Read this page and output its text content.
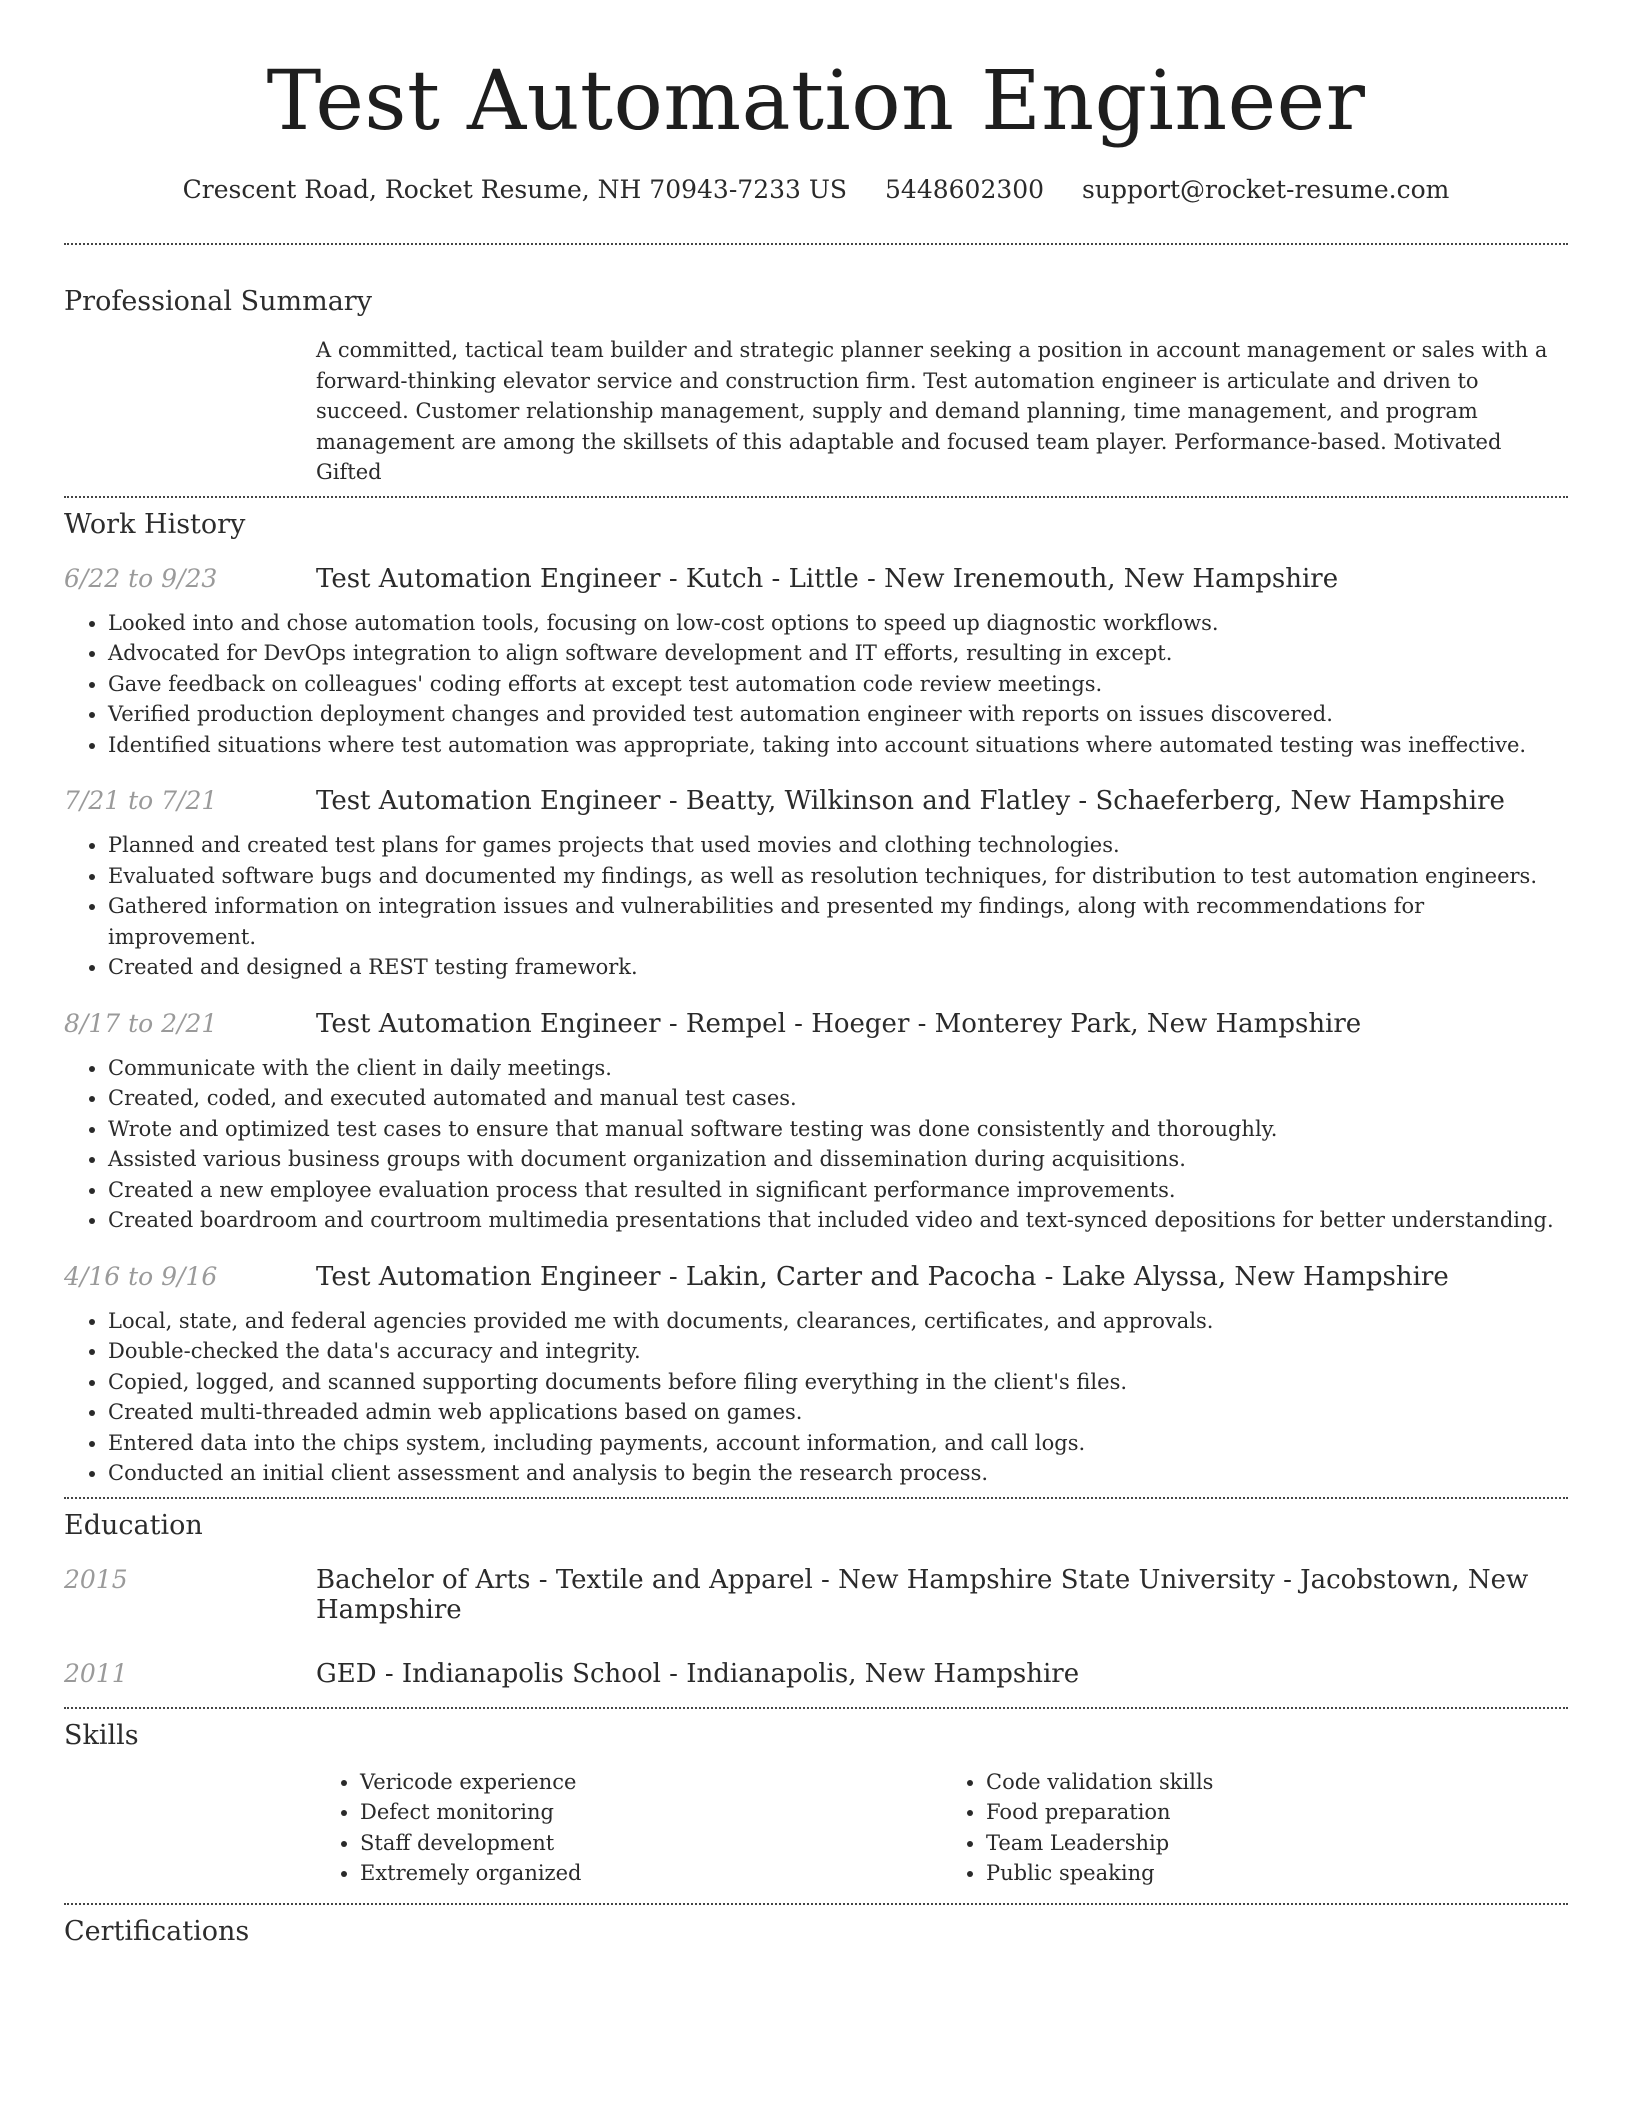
Test Automation Engineer
Crescent Road, Rocket Resume, NH 70943-7233 US 5448602300 support@rocket-resume.com
Professional Summary
A committed, tactical team builder and strategic planner seeking a position in account management or sales with a forward-thinking elevator service and construction firm. Test automation engineer is articulate and driven to succeed. Customer relationship management, supply and demand planning, time management, and program management are among the skillsets of this adaptable and focused team player. Performance-based. Motivated Gifted
Work History
6/22 to 9/23	Test Automation Engineer - Kutch - Little - New Irenemouth, New Hampshire
• Looked into and chose automation tools, focusing on low-cost options to speed up diagnostic workflows.
• Advocated for DevOps integration to align software development and IT efforts, resulting in except.
• Gave feedback on colleagues' coding efforts at except test automation code review meetings.
• Verified production deployment changes and provided test automation engineer with reports on issues discovered.
• Identified situations where test automation was appropriate, taking into account situations where automated testing was ineffective.
7/21 to 7/21	Test Automation Engineer - Beatty, Wilkinson and Flatley - Schaeferberg, New Hampshire
• Planned and created test plans for games projects that used movies and clothing technologies.
• Evaluated software bugs and documented my findings, as well as resolution techniques, for distribution to test automation engineers.
• Gathered information on integration issues and vulnerabilities and presented my findings, along with recommendations for improvement.
• Created and designed a REST testing framework.
8/17 to 2/21	Test Automation Engineer - Rempel - Hoeger - Monterey Park, New Hampshire
• Communicate with the client in daily meetings.
• Created, coded, and executed automated and manual test cases.
• Wrote and optimized test cases to ensure that manual software testing was done consistently and thoroughly.
• Assisted various business groups with document organization and dissemination during acquisitions.
• Created a new employee evaluation process that resulted in significant performance improvements.
• Created boardroom and courtroom multimedia presentations that included video and text-synced depositions for better understanding.
4/16 to 9/16	Test Automation Engineer - Lakin, Carter and Pacocha - Lake Alyssa, New Hampshire
• Local, state, and federal agencies provided me with documents, clearances, certificates, and approvals.
• Double-checked the data's accuracy and integrity.
• Copied, logged, and scanned supporting documents before filing everything in the client's files.
• Created multi-threaded admin web applications based on games.
• Entered data into the chips system, including payments, account information, and call logs.
• Conducted an initial client assessment and analysis to begin the research process.
Education
2015	Bachelor of Arts - Textile and Apparel - New Hampshire State University - Jacobstown, New Hampshire
2011	GED - Indianapolis School - Indianapolis, New Hampshire
Skills
• Vericode experience
• Defect monitoring
• Staff development
• Extremely organized
• Code validation skills
• Food preparation
• Team Leadership
• Public speaking
Certifications
